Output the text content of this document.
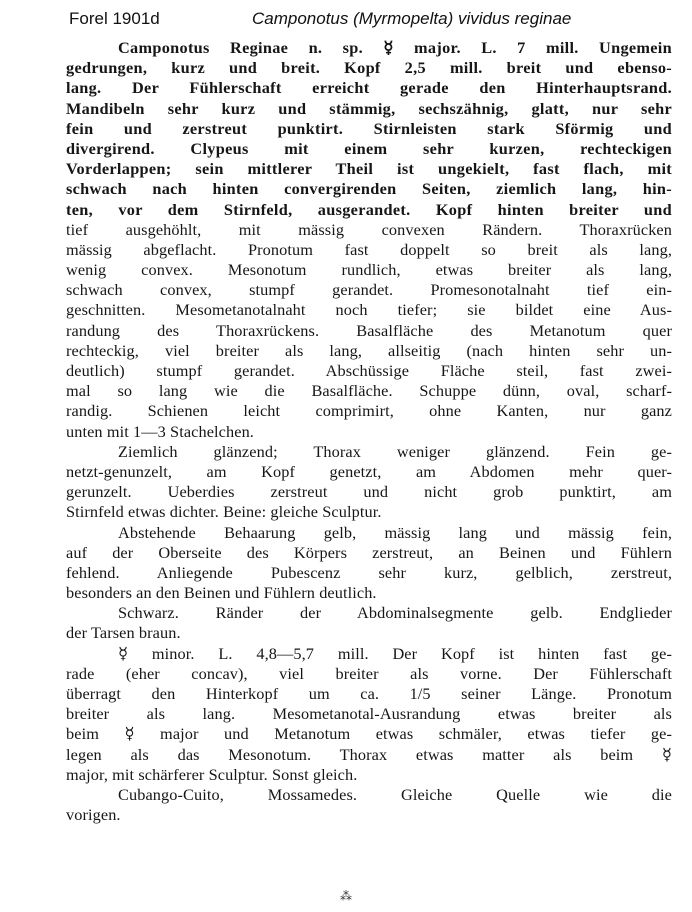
Forel 1901d	Camponotus (Myrmopelta) vividus reginae
Camponotus Reginae n. sp. ☿ major. L. 7 mill. Ungemein
gedrungen, kurz und breit. Kopf 2,5 mill. breit und ebenso-
lang. Der Fühlerschaft erreicht gerade den Hinterhauptsrand.
Mandibeln sehr kurz und stämmig, sechszähnig, glatt, nur sehr
fein und zerstreut punktirt. Stirnleisten stark Sförmig und
divergirend. Clypeus mit einem sehr kurzen, rechteckigen
Vorderlappen; sein mittlerer Theil ist ungekielt, fast flach, mit
schwach nach hinten convergirenden Seiten, ziemlich lang, hin-
ten, vor dem Stirnfeld, ausgerandet. Kopf hinten breiter und
tief ausgehöhlt, mit mässig convexen Rändern. Thoraxrücken
mässig abgeflacht. Pronotum fast doppelt so breit als lang,
wenig convex. Mesonotum rundlich, etwas breiter als lang,
schwach convex, stumpf gerandet. Promesonotalnaht tief ein-
geschnitten. Mesometanotalnaht noch tiefer; sie bildet eine Aus-
randung des Thoraxrückens. Basalfläche des Metanotum quer
rechteckig, viel breiter als lang, allseitig (nach hinten sehr un-
deutlich) stumpf gerandet. Abschüssige Fläche steil, fast zwei-
mal so lang wie die Basalfläche. Schuppe dünn, oval, scharf-
randig. Schienen leicht comprimirt, ohne Kanten, nur ganz
unten mit 1—3 Stachelchen.
Ziemlich glänzend; Thorax weniger glänzend. Fein ge-
netzt-genunzelt, am Kopf genetzt, am Abdomen mehr quer-
gerunzelt. Ueberdies zerstreut und nicht grob punktirt, am
Stirnfeld etwas dichter. Beine: gleiche Sculptur.
Abstehende Behaarung gelb, mässig lang und mässig fein,
auf der Oberseite des Körpers zerstreut, an Beinen und Fühlern
fehlend. Anliegende Pubescenz sehr kurz, gelblich, zerstreut,
besonders an den Beinen und Fühlern deutlich.
Schwarz. Ränder der Abdominalsegmente gelb. Endglieder
der Tarsen braun.
☿ minor. L. 4,8—5,7 mill. Der Kopf ist hinten fast ge-
rade (eher concav), viel breiter als vorne. Der Fühlerschaft
überragt den Hinterkopf um ca. 1/5 seiner Länge. Pronotum
breiter als lang. Mesometanotal-Ausrandung etwas breiter als
beim ☿ major und Metanotum etwas schmäler, etwas tiefer ge-
legen als das Mesonotum. Thorax etwas matter als beim ☿
major, mit schärferer Sculptur. Sonst gleich.
Cubango-Cuito, Mossamedes. Gleiche Quelle wie die
vorigen.
⁂
